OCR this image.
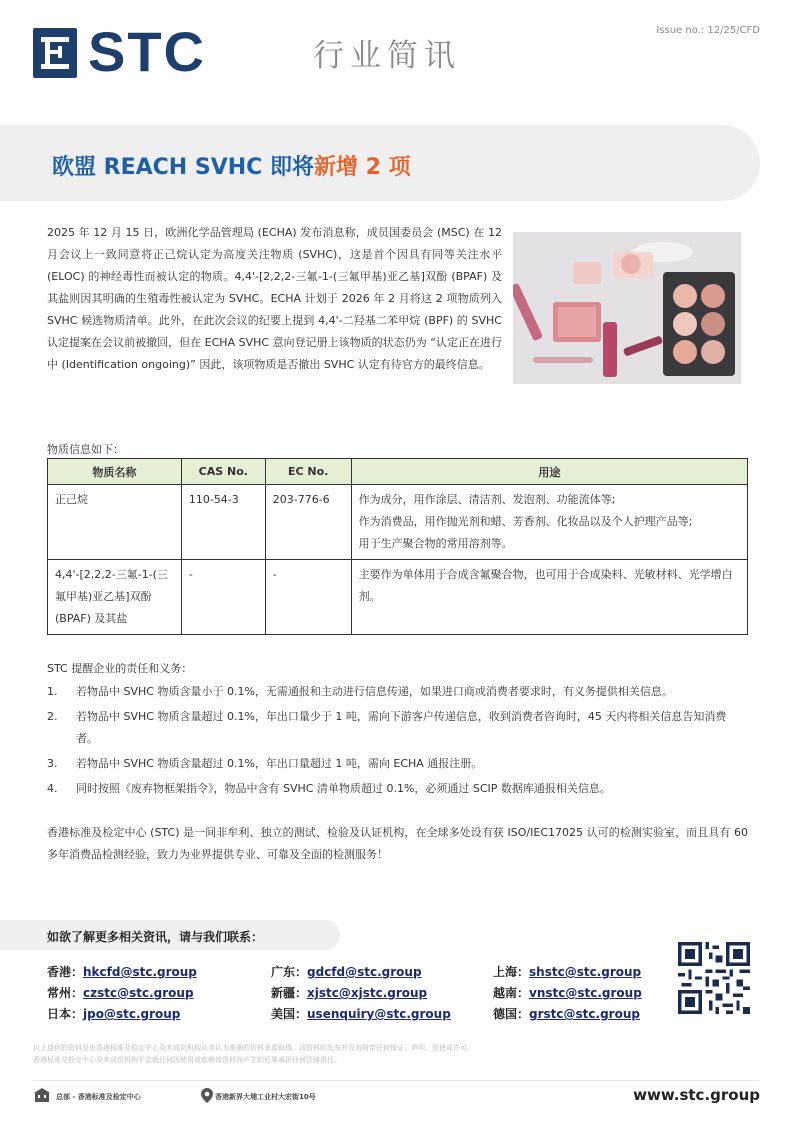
STC	行业简讯
Issue no.: 12/25/CFD
欧盟 REACH SVHC 即将新增 2 项

2025 年 12 月 15 日，欧洲化学品管理局 (ECHA) 发布消息称，成员国委员会 (MSC) 在 12 月会议上一致同意将正己烷认定为高度关注物质 (SVHC)，这是首个因具有同等关注水平 (ELOC) 的神经毒性而被认定的物质。4,4'-[2,2,2-三氟-1-(三氟甲基)亚乙基]双酚 (BPAF) 及其盐则因其明确的生殖毒性被认定为 SVHC。ECHA 计划于 2026 年 2 月将这 2 项物质列入 SVHC 候选物质清单。此外，在此次会议的纪要上提到 4,4'-二羟基二苯甲烷 (BPF) 的 SVHC 认定提案在会议前被撤回，但在 ECHA SVHC 意向登记册上该物质的状态仍为 “认定正在进行中 (Identification ongoing)” 因此，该项物质是否撤出 SVHC 认定有待官方的最终信息。

物质信息如下：
物质名称	CAS No.	EC No.	用途
正己烷	110-54-3	203-776-6	作为成分，用作涂层、清洁剂、发泡剂、功能流体等;
作为消费品，用作抛光剂和蜡、芳香剂、化妆品以及个人护理产品等;
用于生产聚合物的常用溶剂等。

4,4'-[2,2,2-三氟-1-(三氟甲基)亚乙基]双酚 (BPAF) 及其盐	-	-	主要作为单体用于合成含氟聚合物，也可用于合成染料、光敏材料、光学增白剂。
STC 提醒企业的责任和义务：
1. 若物品中 SVHC 物质含量小于 0.1%，无需通报和主动进行信息传递，如果进口商或消费者要求时，有义务提供相关信息。
2. 若物品中 SVHC 物质含量超过 0.1%，年出口量少于 1 吨，需向下游客户传递信息，收到消费者咨询时，45 天内将相关信息告知消费者。
3. 若物品中 SVHC 物质含量超过 0.1%，年出口量超过 1 吨，需向 ECHA 通报注册。
4. 同时按照《废弃物框架指令》，物品中含有 SVHC 清单物质超过 0.1%，必须通过 SCIP 数据库通报相关信息。

香港标准及检定中心 (STC) 是一间非牟利、独立的测试、检验及认证机构，在全球多处设有获 ISO/IEC17025 认可的检测实验室，而且具有 60 多年消费品检测经验，致力为业界提供专业、可靠及全面的检测服务！

如欲了解更多相关资讯，请与我们联系：
香港：hkcfd@stc.group	广东：gdcfd@stc.group	上海：shstc@stc.group
常州：czstc@stc.group	新疆：xjstc@xjstc.group	越南：vnstc@stc.group
日本：jpo@stc.group	美国：usenquiry@stc.group	德国：grstc@stc.group
以上提供的资料是由香港标准及检定中心及其成员机构从其认为准确的资料来源取得。该资料的发布并没有附带任何保证、声明、促使或许可。
香港标准及检定中心及其成员机构不会就任何因使用或依赖该资料而产生的后果承担任何法律责任。
总部 - 香港标准及检定中心	香港新界大埔工业村大宏街10号	www.stc.group
